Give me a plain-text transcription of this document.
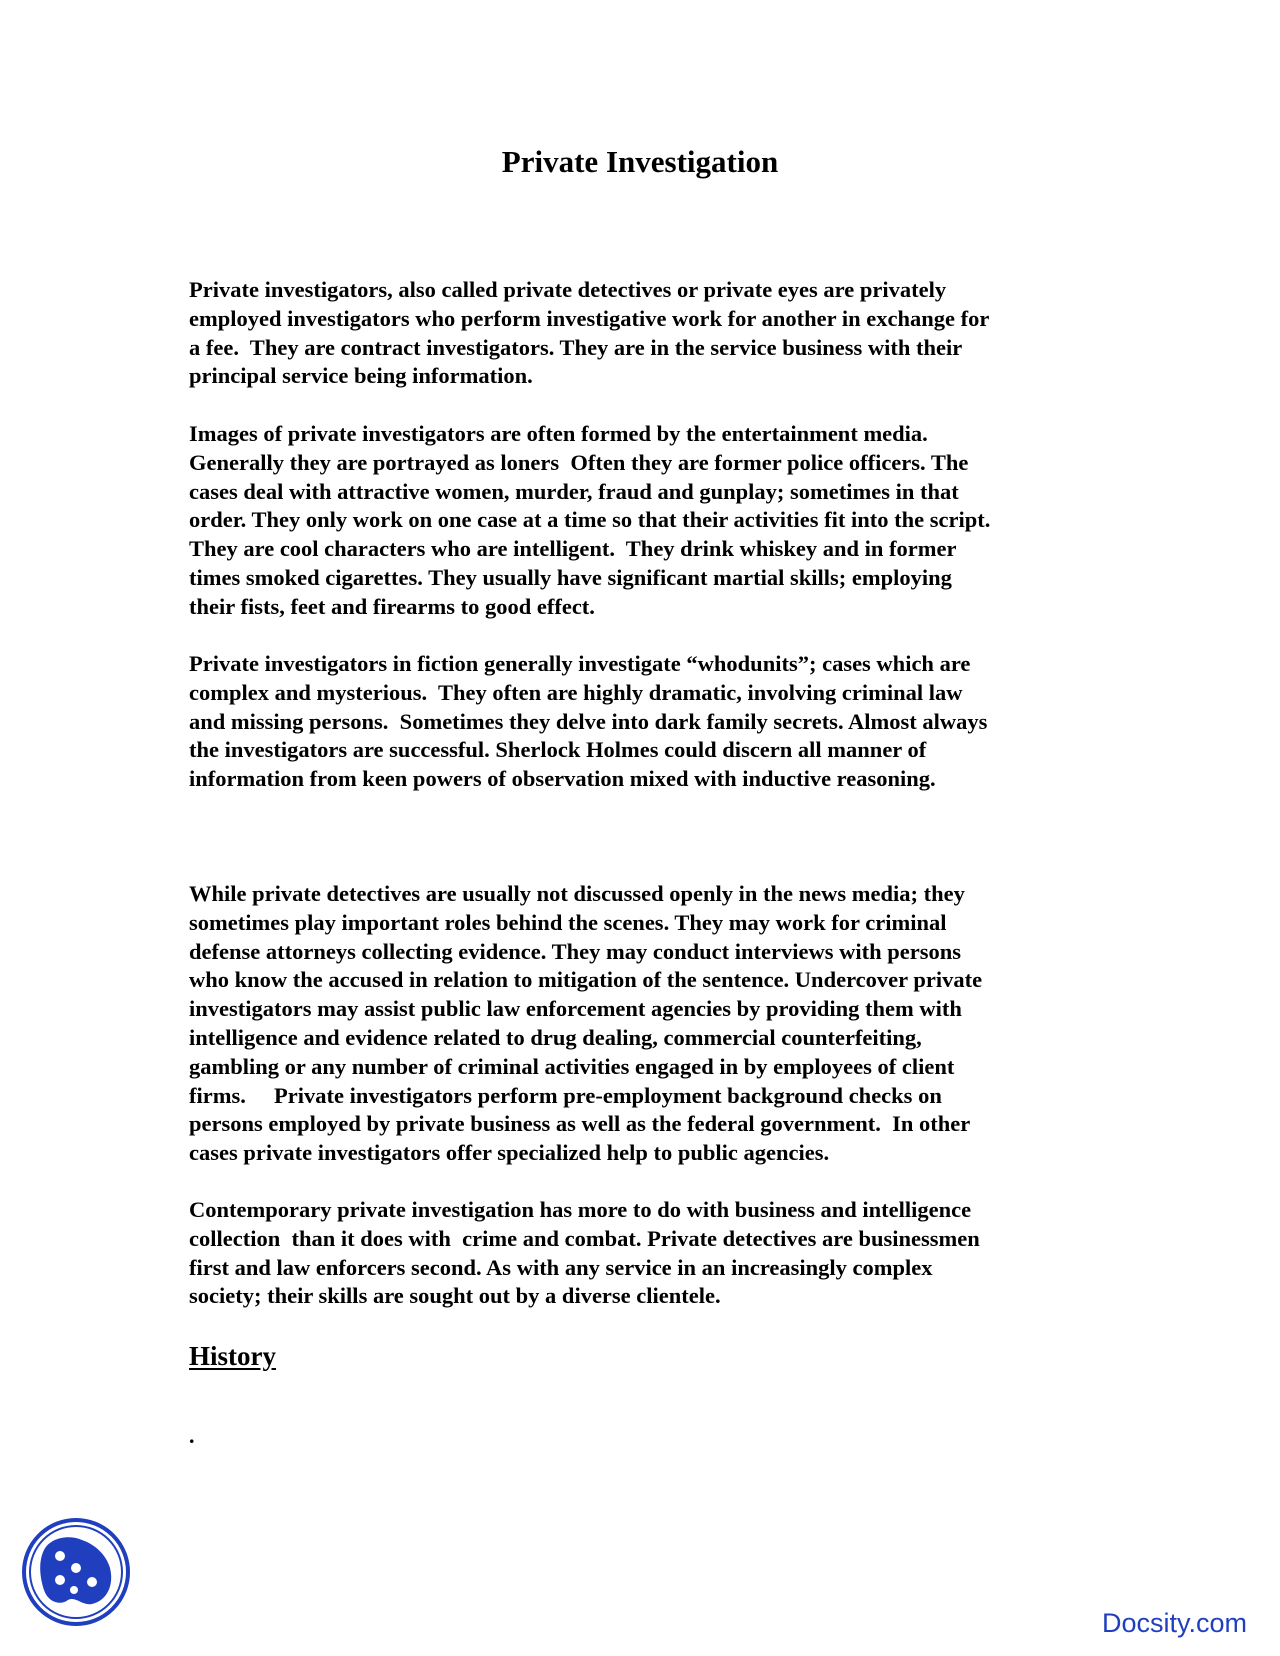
Private Investigation
Private investigators, also called private detectives or private eyes are privately
employed investigators who perform investigative work for another in exchange for
a fee.  They are contract investigators. They are in the service business with their
principal service being information.
Images of private investigators are often formed by the entertainment media.
Generally they are portrayed as loners  Often they are former police officers. The
cases deal with attractive women, murder, fraud and gunplay; sometimes in that
order. They only work on one case at a time so that their activities fit into the script.
They are cool characters who are intelligent.  They drink whiskey and in former
times smoked cigarettes. They usually have significant martial skills; employing
their fists, feet and firearms to good effect.
Private investigators in fiction generally investigate “whodunits”; cases which are
complex and mysterious.  They often are highly dramatic, involving criminal law
and missing persons.  Sometimes they delve into dark family secrets. Almost always
the investigators are successful. Sherlock Holmes could discern all manner of
information from keen powers of observation mixed with inductive reasoning.
While private detectives are usually not discussed openly in the news media; they
sometimes play important roles behind the scenes. They may work for criminal
defense attorneys collecting evidence. They may conduct interviews with persons
who know the accused in relation to mitigation of the sentence. Undercover private
investigators may assist public law enforcement agencies by providing them with
intelligence and evidence related to drug dealing, commercial counterfeiting,
gambling or any number of criminal activities engaged in by employees of client
firms.     Private investigators perform pre-employment background checks on
persons employed by private business as well as the federal government.  In other
cases private investigators offer specialized help to public agencies.
Contemporary private investigation has more to do with business and intelligence
collection  than it does with  crime and combat. Private detectives are businessmen
first and law enforcers second. As with any service in an increasingly complex
society; their skills are sought out by a diverse clientele.
History
.
Docsity.com
